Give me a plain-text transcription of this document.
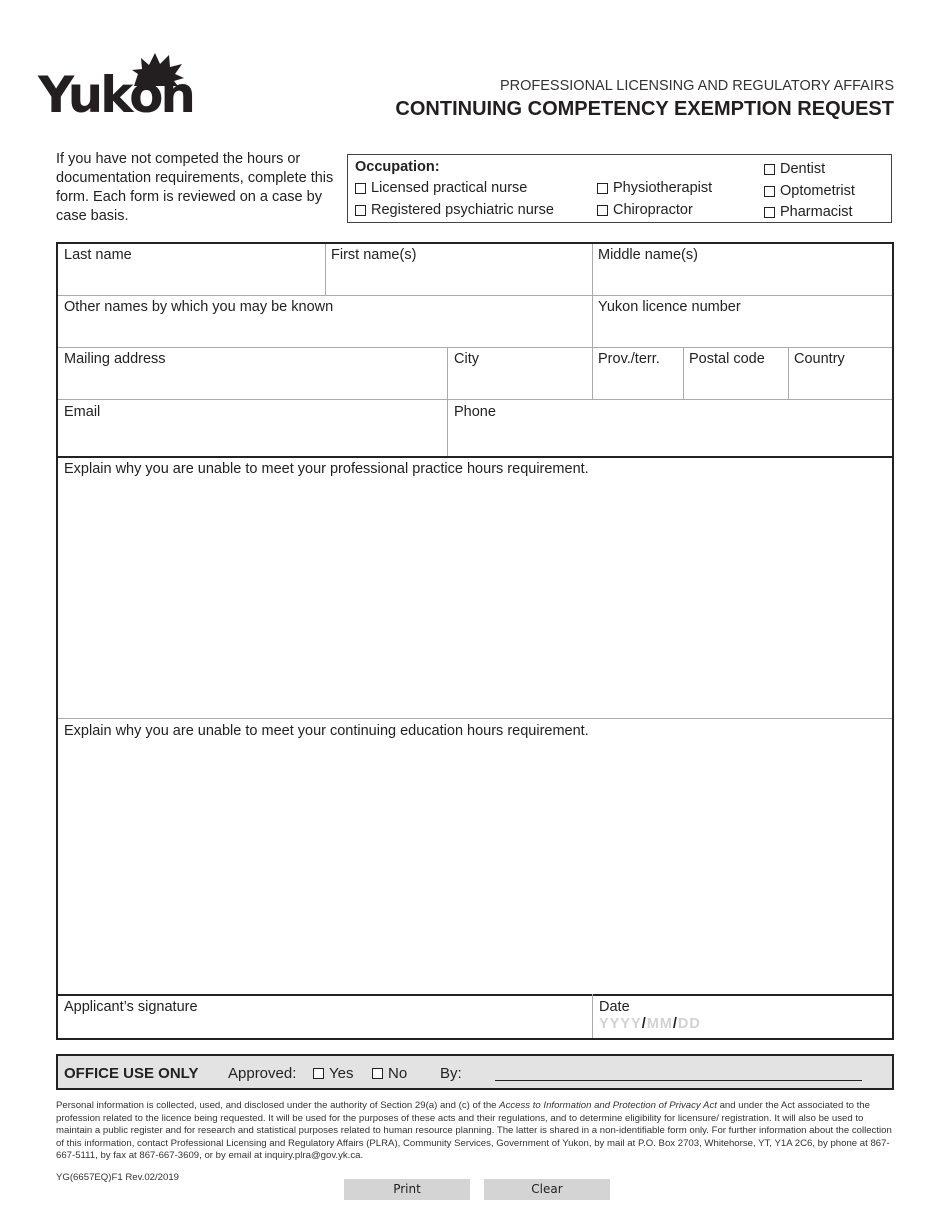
Yukon	PROFESSIONAL LICENSING AND REGULATORY AFFAIRS
CONTINUING COMPETENCY EXEMPTION REQUEST
If you have not competed the hours or documentation requirements, complete this form. Each form is reviewed on a case by case basis.
Occupation:
Licensed practical nurse
Registered psychiatric nurse
Physiotherapist
Chiropractor
Dentist
Optometrist
Pharmacist
Last name	First name(s)	Middle name(s)
Other names by which you may be known	Yukon licence number
Mailing address	City	Prov./terr.	Postal code	Country
Email	Phone
Explain why you are unable to meet your professional practice hours requirement.
Explain why you are unable to meet your continuing education hours requirement.
Applicant’s signature	Date
YYYY/MM/DD
OFFICE USE ONLY Approved: Yes No By:
Personal information is collected, used, and disclosed under the authority of Section 29(a) and (c) of the Access to Information and Protection of Privacy Act and under the Act associated to the profession related to the licence being requested. It will be used for the purposes of these acts and their regulations, and to determine eligibility for licensure/ registration. It will also be used to maintain a public register and for research and statistical purposes related to human resource planning. The latter is shared in a non-identifiable form only. For further information about the collection of this information, contact Professional Licensing and Regulatory Affairs (PLRA), Community Services, Government of Yukon, by mail at P.O. Box 2703, Whitehorse, YT, Y1A 2C6, by phone at 867-667-5111, by fax at 867-667-3609, or by email at inquiry.plra@gov.yk.ca.
YG(6657EQ)F1 Rev.02/2019
Print	Clear
